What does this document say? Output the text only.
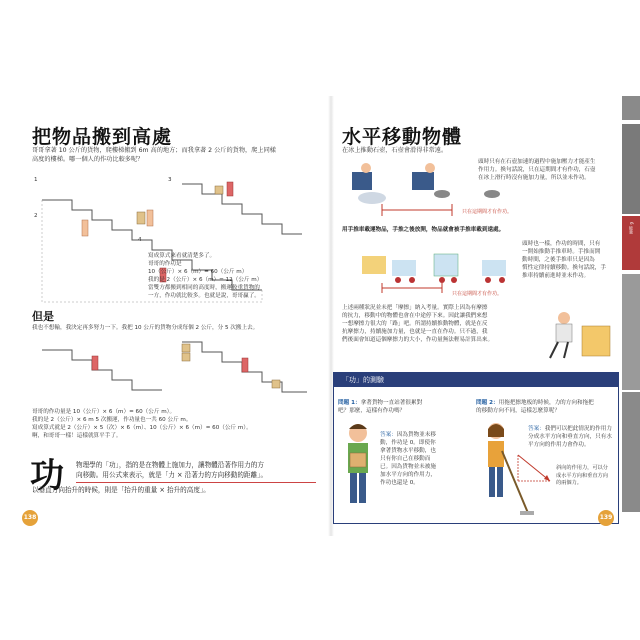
把物品搬到高處
哥哥拿著 10 公斤的貨物，爬樓梯搬到 6m 高的地方；而我拿著 2 公斤的貨物，爬上同樣
高度的樓梯。哪一個人的作功比較多呢？
1
2
3
4
寫成算式來看就清楚多了。
哥哥的作功是
10（公斤）× 6（m）= 60（公斤 m）
我的是 2（公斤）× 6（m）= 12（公斤 m）
當雙方都搬到相同的高度時，搬運較重貨物的
一方，作功就比較多。也就是說，哥哥贏了。
但是
我也不想輸，我決定再多努力一下。我把 10 公斤的貨物分成每個 2 公斤，分 5 次搬上去。
哥哥的作功量是 10（公斤）× 6（m）= 60（公斤 m）。
我的是 2（公斤）× 6 m 5 次搬運，作功量也一共 60 公斤 m。
寫成算式就是 2（公斤）× 5（次）× 6（m）、10（公斤）× 6（m）= 60（公斤 m）。
啊，和哥哥一樣！這樣就算平手了。
功 物理學的「功」，指的是在物體上施加力，讓物體沿著作用力的方
向移動。用公式來表示，就是「力 × 沿著力的方向移動的距離」。
以垂直方向抬升的時候，則是「抬升的重量 × 抬升的高度」。
138
水平移動物體
在冰上推動石壺，石壺會滑得非常遠。
只在這期間才有作功。
頭時只有在石壺加速的過程中施加壓力才能產生
作用力。換句話說，只在這期間才有作功，石壺
在冰上滑行時沒有施加力量，所以並未作功。
用手推車載運物品，手推之後放開，物品就會被手推車載到遠處。
只在這期間才有作功。
頭時也一樣，作功的時間，只有
一開始推動手推車時。手推而開
動時間，之後手推車只是因為
慣性定律持續移動。換句話說，手
推車持續前進時並未作功。
上述兩種狀況並未把「摩擦」納入考量。實際上因為有摩擦
的抗力，移動中的物體也會在中途停下來。因此讓我們來想
一想摩擦力很大的「路」吧。所謂持續推動物體，就是在反
抗摩擦力，持續施加力量，也就是一直在作功。只不過，我
們後面會知道這個摩擦力的大小，作功量無法輕易計算出來。
「功」的測驗

問題 1：拿著貨物一直站著很累對
吧？那麼，這樣有作功嗎？

答案：因為貨物並未移
動，作功是 0。即使你
拿著貨物水平移動，也
只有你自己在移動而
已。因為貨物並未被施
加水平方向的作用力，
作功也還是 0。

問題 2：用拖把擦地板的時候，力的方向和拖把
的移動方向不同，這樣怎麼算呢？

答案：我們可以把此情況的作用力
分成水平方向和垂直方向，只有水
平方向的作用力會作功。

斜向的作用力，可以分
成水平方向和垂直方向
的兩個力。
139
6 能量
